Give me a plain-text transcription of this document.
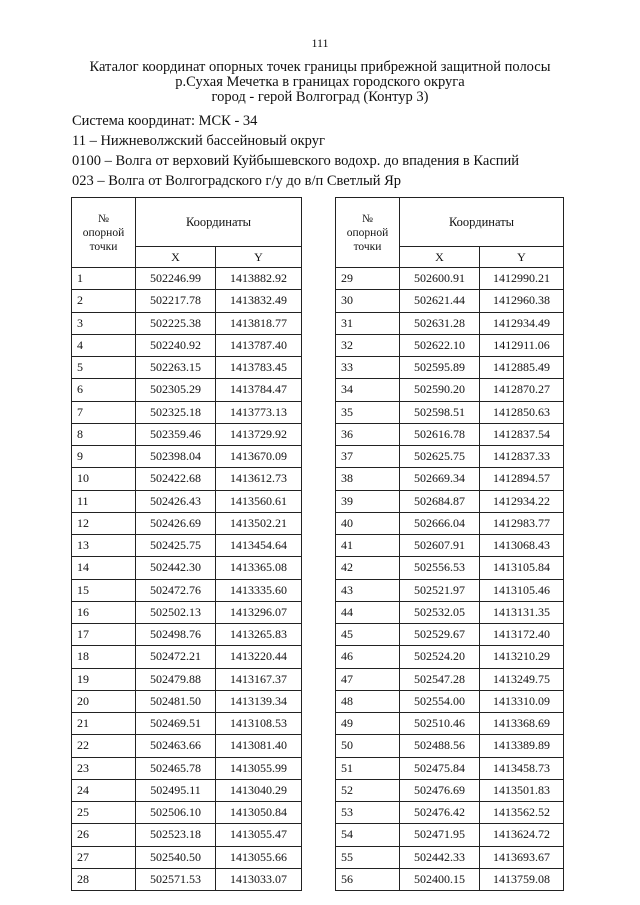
111
Каталог координат опорных точек границы прибрежной защитной полосы
р.Сухая Мечетка в границах городского округа
город - герой Волгоград (Контур 3)
Система координат: МСК - 34
11 – Нижневолжский бассейновый округ
0100 – Волга от верховий Куйбышевского водохр. до впадения в Каспий
023 – Волга от Волгоградского г/у до в/п Светлый Яр
№
опорной
точки	Координаты	
	X	Y
1	502246.99	1413882.92
2	502217.78	1413832.49
3	502225.38	1413818.77
4	502240.92	1413787.40
5	502263.15	1413783.45
6	502305.29	1413784.47
7	502325.18	1413773.13
8	502359.46	1413729.92
9	502398.04	1413670.09
10	502422.68	1413612.73
11	502426.43	1413560.61
12	502426.69	1413502.21
13	502425.75	1413454.64
14	502442.30	1413365.08
15	502472.76	1413335.60
16	502502.13	1413296.07
17	502498.76	1413265.83
18	502472.21	1413220.44
19	502479.88	1413167.37
20	502481.50	1413139.34
21	502469.51	1413108.53
22	502463.66	1413081.40
23	502465.78	1413055.99
24	502495.11	1413040.29
25	502506.10	1413050.84
26	502523.18	1413055.47
27	502540.50	1413055.66
28	502571.53	1413033.07
№
опорной
точки	Координаты	
	X	Y
29	502600.91	1412990.21
30	502621.44	1412960.38
31	502631.28	1412934.49
32	502622.10	1412911.06
33	502595.89	1412885.49
34	502590.20	1412870.27
35	502598.51	1412850.63
36	502616.78	1412837.54
37	502625.75	1412837.33
38	502669.34	1412894.57
39	502684.87	1412934.22
40	502666.04	1412983.77
41	502607.91	1413068.43
42	502556.53	1413105.84
43	502521.97	1413105.46
44	502532.05	1413131.35
45	502529.67	1413172.40
46	502524.20	1413210.29
47	502547.28	1413249.75
48	502554.00	1413310.09
49	502510.46	1413368.69
50	502488.56	1413389.89
51	502475.84	1413458.73
52	502476.69	1413501.83
53	502476.42	1413562.52
54	502471.95	1413624.72
55	502442.33	1413693.67
56	502400.15	1413759.08
